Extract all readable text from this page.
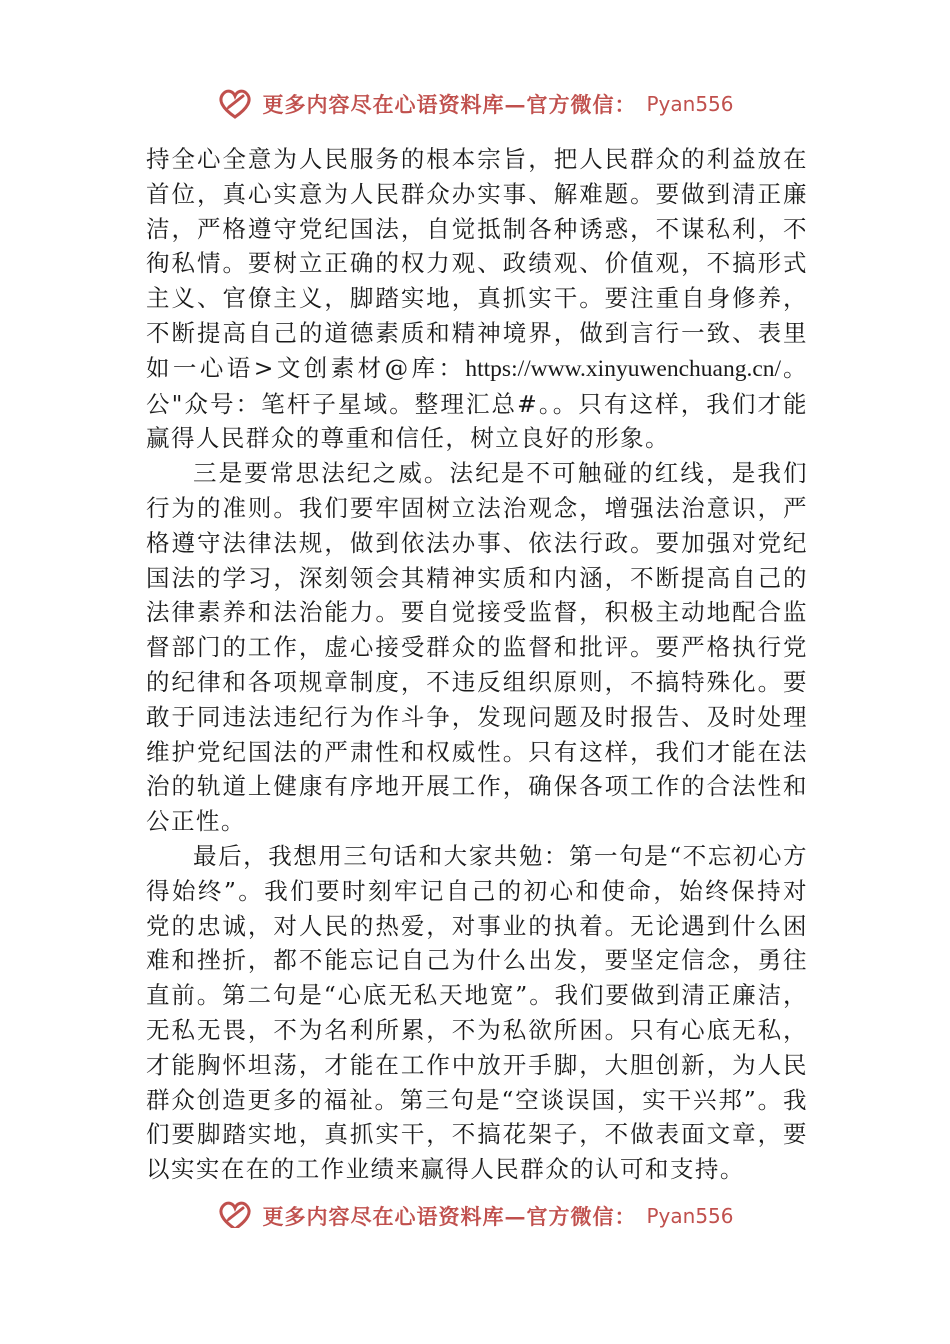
更多内容尽在心语资料库—官方微信： Pyan556

持全心全意为人民服务的根本宗旨，把人民群众的利益放在首位，真心实意为人民群众办实事、解难题。要做到清正廉洁，严格遵守党纪国法，自觉抵制各种诱惑，不谋私利，不徇私情。要树立正确的权力观、政绩观、价值观，不搞形式主义、官僚主义，脚踏实地，真抓实干。要注重自身修养，不断提高自己的道德素质和精神境界，做到言行一致、表里如一心语>文创素材@库：https://www.xinyuwenchuang.cn/。公"众号：笔杆子星域。整理汇总#。。只有这样，我们才能赢得人民群众的尊重和信任，树立良好的形象。

三是要常思法纪之威。法纪是不可触碰的红线，是我们行为的准则。我们要牢固树立法治观念，增强法治意识，严格遵守法律法规，做到依法办事、依法行政。要加强对党纪国法的学习，深刻领会其精神实质和内涵，不断提高自己的法律素养和法治能力。要自觉接受监督，积极主动地配合监督部门的工作，虚心接受群众的监督和批评。要严格执行党的纪律和各项规章制度，不违反组织原则，不搞特殊化。要敢于同违法违纪行为作斗争，发现问题及时报告、及时处理维护党纪国法的严肃性和权威性。只有这样，我们才能在法治的轨道上健康有序地开展工作，确保各项工作的合法性和公正性。

最后，我想用三句话和大家共勉：第一句是“不忘初心方得始终”。我们要时刻牢记自己的初心和使命，始终保持对党的忠诚，对人民的热爱，对事业的执着。无论遇到什么困难和挫折，都不能忘记自己为什么出发，要坚定信念，勇往直前。第二句是“心底无私天地宽”。我们要做到清正廉洁，无私无畏，不为名利所累，不为私欲所困。只有心底无私，才能胸怀坦荡，才能在工作中放开手脚，大胆创新，为人民群众创造更多的福祉。第三句是“空谈误国，实干兴邦”。我们要脚踏实地，真抓实干，不搞花架子，不做表面文章，要以实实在在的工作业绩来赢得人民群众的认可和支持。

更多内容尽在心语资料库—官方微信： Pyan556
